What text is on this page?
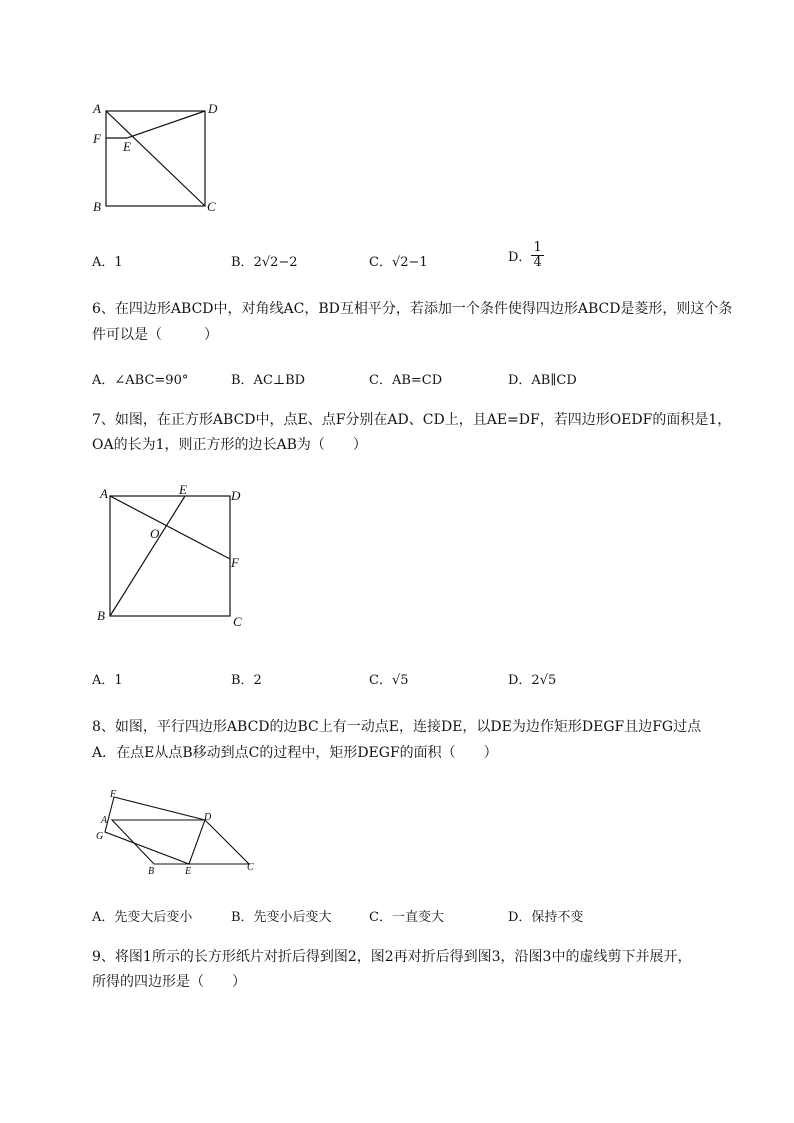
A	D
F
E
B	C
A．1	B．2√2−2	C．√2−1	D． $\frac{1}{4}$
6、在四边形ABCD中，对角线AC，BD互相平分，若添加一个条件使得四边形ABCD是菱形，则这个条
件可以是（　　　）
A．∠ABC=90°	B．AC⊥BD	C．AB=CD	D．AB∥CD
7、如图，在正方形ABCD中，点E、点F分别在AD、CD上，且AE=DF，若四边形OEDF的面积是1，
OA的长为1，则正方形的边长AB为（　　）
A	E	D
O
F
B	C
A．1	B．2	C．√5	D．2√5
8、如图，平行四边形ABCD的边BC上有一动点E，连接DE，以DE为边作矩形DEGF且边FG过点
A．在点E从点B移动到点C的过程中，矩形DEGF的面积（　　）
F
A
G
D
B	E	C
A．先变大后变小	B．先变小后变大	C．一直变大	D．保持不变
9、将图1所示的长方形纸片对折后得到图2，图2再对折后得到图3，沿图3中的虚线剪下并展开，
所得的四边形是（　　）
